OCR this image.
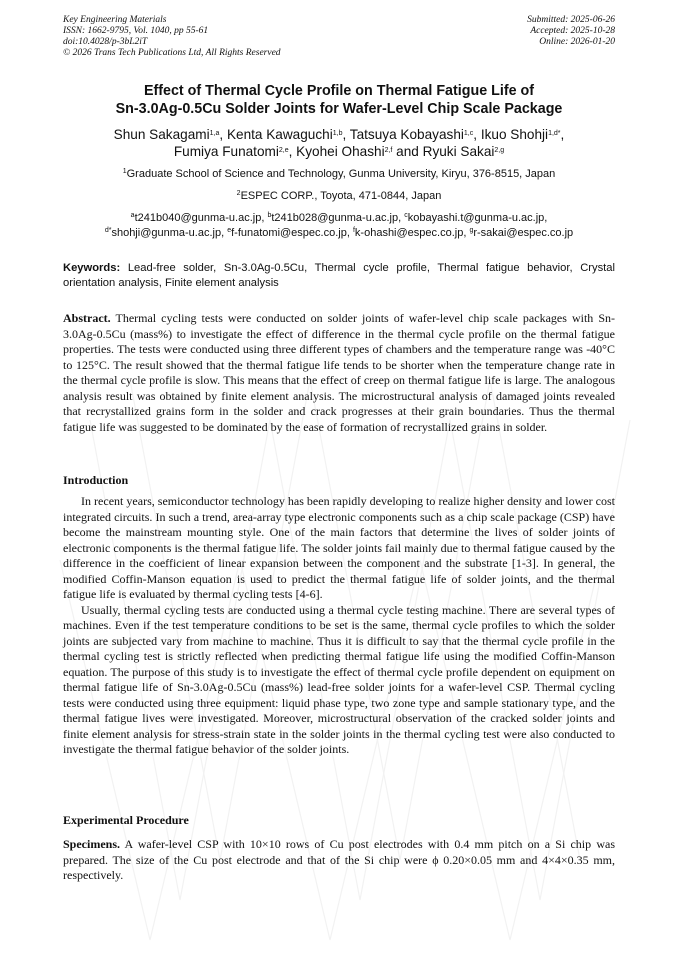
Key Engineering Materials
ISSN: 1662-9795, Vol. 1040, pp 55-61
doi:10.4028/p-3bL2iT
© 2026 Trans Tech Publications Ltd, All Rights Reserved
Submitted: 2025-06-26
Accepted: 2025-10-28
Online: 2026-01-20
Effect of Thermal Cycle Profile on Thermal Fatigue Life of
Sn-3.0Ag-0.5Cu Solder Joints for Wafer-Level Chip Scale Package
Shun Sakagami$^{1,a}$, Kenta Kawaguchi$^{1,b}$, Tatsuya Kobayashi$^{1,c}$, Ikuo Shohji$^{1,d*}$,
Fumiya Funatomi$^{2,e}$, Kyohei Ohashi$^{2,f}$ and Ryuki Sakai$^{2,g}$
$^1$Graduate School of Science and Technology, Gunma University, Kiryu, 376-8515, Japan
$^2$ESPEC CORP., Toyota, 471-0844, Japan
$^a$t241b040@gunma-u.ac.jp, $^b$t241b028@gunma-u.ac.jp, $^c$kobayashi.t@gunma-u.ac.jp,
$^{d*}$shohji@gunma-u.ac.jp, $^e$f-funatomi@espec.co.jp, $^f$k-ohashi@espec.co.jp, $^g$r-sakai@espec.co.jp
Keywords: Lead-free solder, Sn-3.0Ag-0.5Cu, Thermal cycle profile, Thermal fatigue behavior, Crystal orientation analysis, Finite element analysis

Abstract. Thermal cycling tests were conducted on solder joints of wafer-level chip scale packages with Sn-3.0Ag-0.5Cu (mass%) to investigate the effect of difference in the thermal cycle profile on the thermal fatigue properties. The tests were conducted using three different types of chambers and the temperature range was -40°C to 125°C. The result showed that the thermal fatigue life tends to be shorter when the temperature change rate in the thermal cycle profile is slow. This means that the effect of creep on thermal fatigue life is large. The analogous analysis result was obtained by finite element analysis. The microstructural analysis of damaged joints revealed that recrystallized grains form in the solder and crack progresses at their grain boundaries. Thus the thermal fatigue life was suggested to be dominated by the ease of formation of recrystallized grains in solder.

Introduction

In recent years, semiconductor technology has been rapidly developing to realize higher density and lower cost integrated circuits. In such a trend, area-array type electronic components such as a chip scale package (CSP) have become the mainstream mounting style. One of the main factors that determine the lives of solder joints of electronic components is the thermal fatigue life. The solder joints fail mainly due to thermal fatigue caused by the difference in the coefficient of linear expansion between the component and the substrate [1-3]. In general, the modified Coffin-Manson equation is used to predict the thermal fatigue life of solder joints, and the thermal fatigue life is evaluated by thermal cycling tests [4-6].

Usually, thermal cycling tests are conducted using a thermal cycle testing machine. There are several types of machines. Even if the test temperature conditions to be set is the same, thermal cycle profiles to which the solder joints are subjected vary from machine to machine. Thus it is difficult to say that the thermal cycle profile in the thermal cycling test is strictly reflected when predicting thermal fatigue life using the modified Coffin-Manson equation. The purpose of this study is to investigate the effect of thermal cycle profile dependent on equipment on thermal fatigue life of Sn-3.0Ag-0.5Cu (mass%) lead-free solder joints for a wafer-level CSP. Thermal cycling tests were conducted using three equipment: liquid phase type, two zone type and sample stationary type, and the thermal fatigue lives were investigated. Moreover, microstructural observation of the cracked solder joints and finite element analysis for stress-strain state in the solder joints in the thermal cycling test were also conducted to investigate the thermal fatigue behavior of the solder joints.

Experimental Procedure

Specimens. A wafer-level CSP with 10×10 rows of Cu post electrodes with 0.4 mm pitch on a Si chip was prepared. The size of the Cu post electrode and that of the Si chip were ϕ 0.20×0.05 mm and 4×4×0.35 mm, respectively.
